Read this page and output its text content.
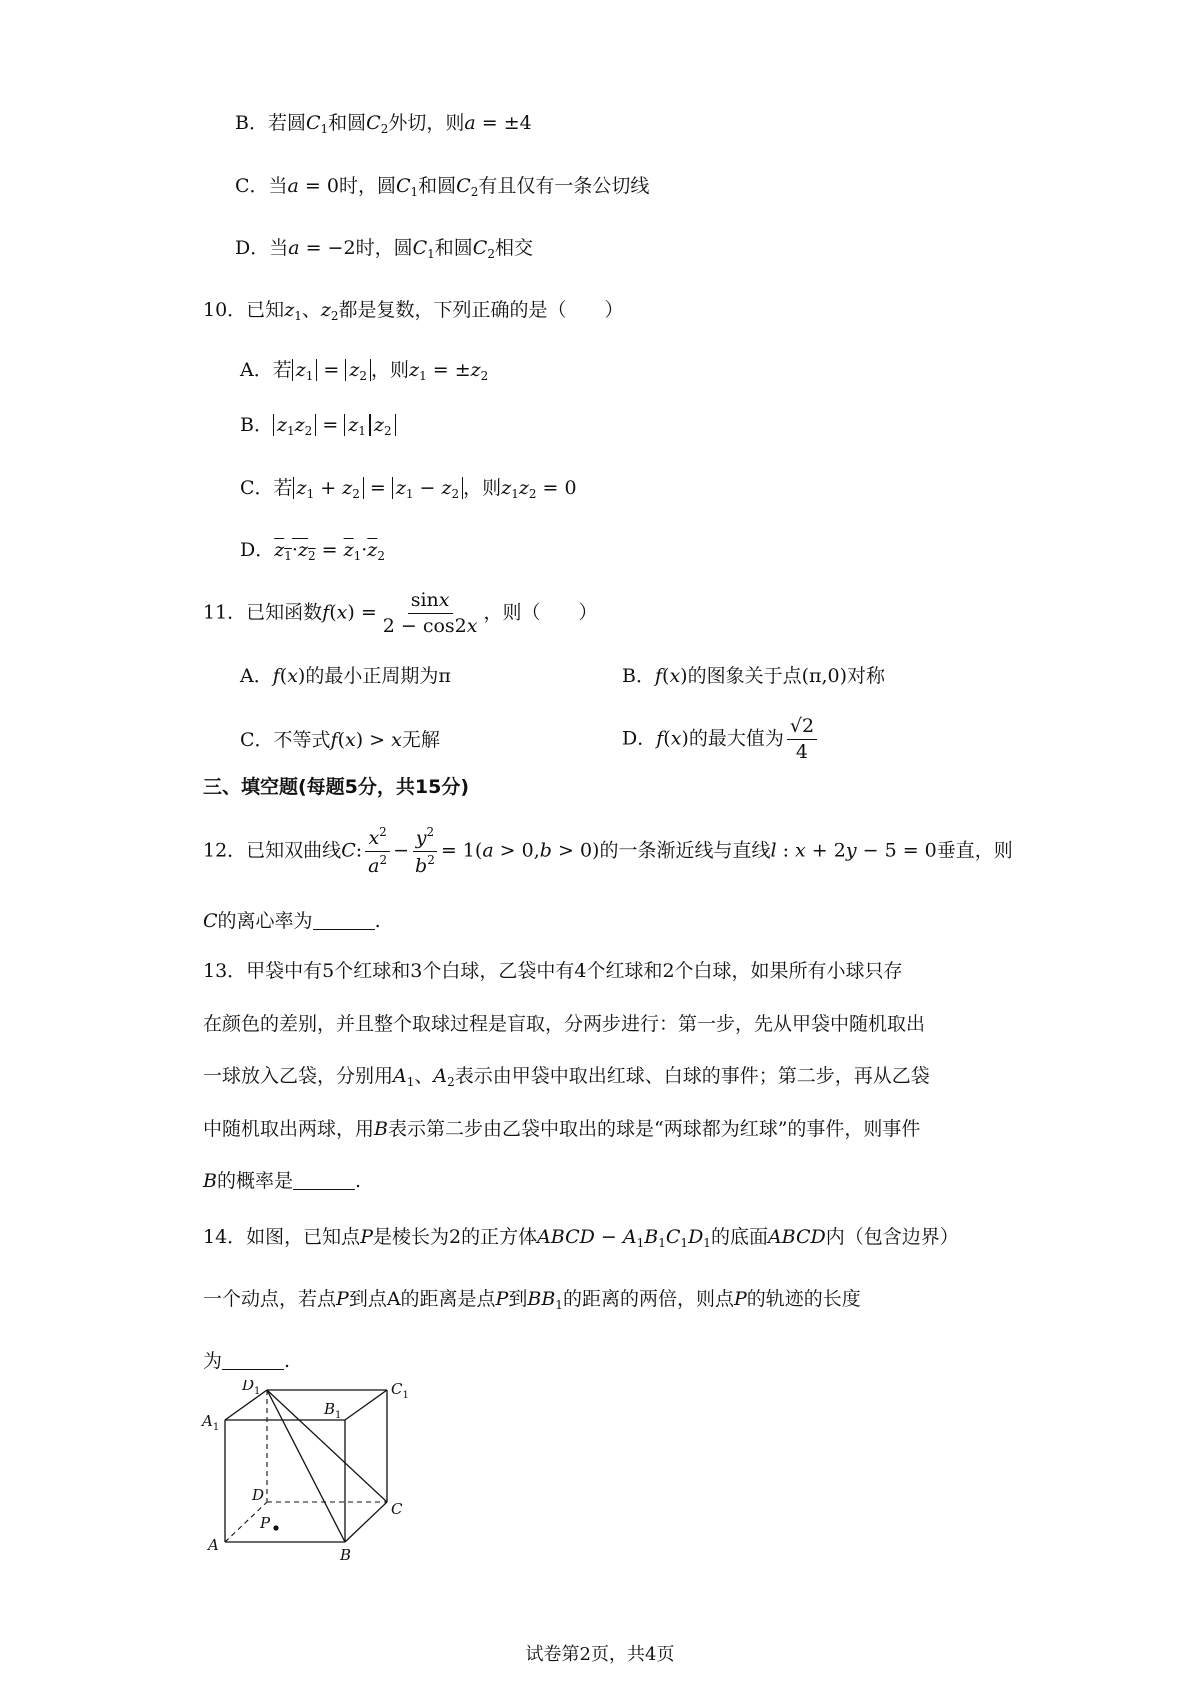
B．若圆$C_1$和圆$C_2$外切，则a = ±4
C．当a = 0时，圆$C_1$和圆$C_2$有且仅有一条公切线
D．当a = −2时，圆$C_1$和圆$C_2$相交
10．已知$z_1$、$z_2$都是复数，下列正确的是（　　）
A．若 $z_1 = z_2$ ，则$z_1 = \pm z_2$
B． $z_1z_2 = z_1$ $z_2$
C．若 $z_1 + z_2 = z_1 - z_2$ ，则$z_1z_2 = 0$
D．$z_1\cdot z_2 = \overline{z}_1\cdot\overline{z}_2$
11．已知函数$f(x) = \frac{\sin x}{2 - \cos 2x}$ ，则（　　）
A．f(x)的最小正周期为π	B．f(x)的图象关于点(π,0)对称
C．不等式f(x) > x无解	D．f(x)的最大值为 $\frac{√2}{4}$
三、填空题(每题5分，共15分)
12．已知双曲线C: $\frac{x^2}{a^2} - \frac{y^2}{b^2} = 1(a > 0,b > 0)$的一条渐近线与直线l : x + 2y − 5 = 0垂直，则
C的离心率为	.
13．甲袋中有5个红球和3个白球，乙袋中有4个红球和2个白球，如果所有小球只存
在颜色的差别，并且整个取球过程是盲取，分两步进行：第一步，先从甲袋中随机取出
一球放入乙袋，分别用$A_1$、$A_2$表示由甲袋中取出红球、白球的事件；第二步，再从乙袋
中随机取出两球，用B表示第二步由乙袋中取出的球是“两球都为红球”的事件，则事件
B的概率是	.
14．如图，已知点P是棱长为2的正方体ABCD − $A_1B_1C_1D_1$的底面ABCD内（包含边界）
一个动点，若点P到点A的距离是点P到$BB_1$的距离的两倍，则点P的轨迹的长度
为	.
$D_1$	$C_1$
$A_1$
$B_1$
D
C
A
B
P
试卷第2页，共4页
